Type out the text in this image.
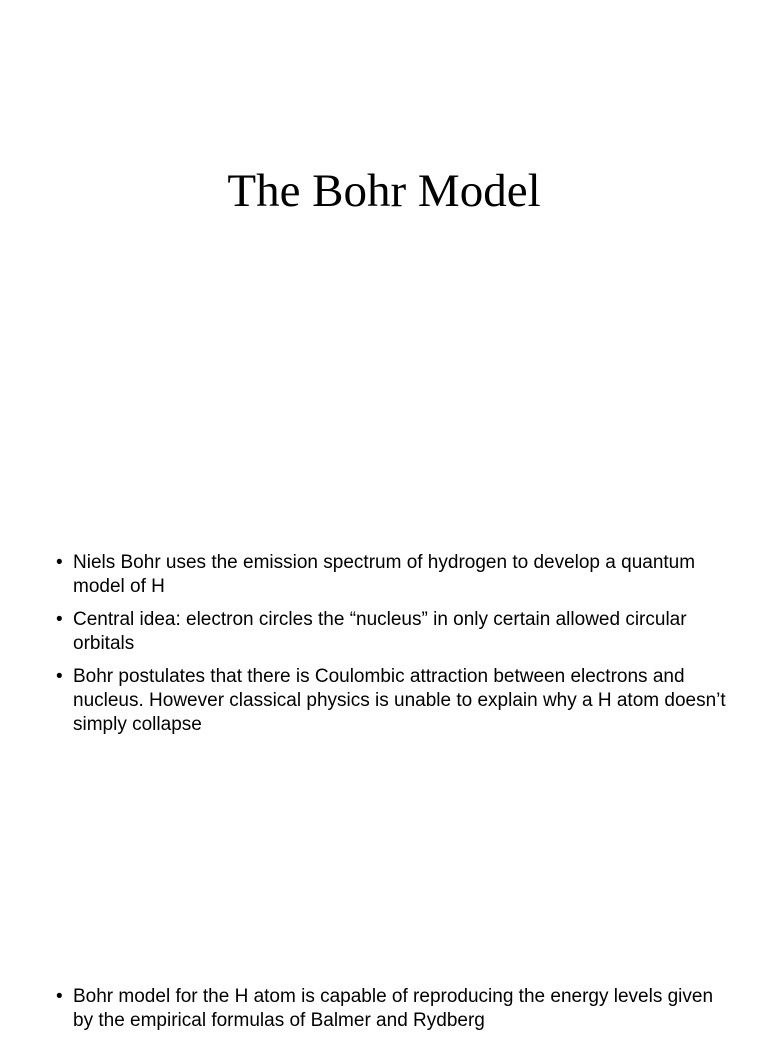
The Bohr Model
• Niels Bohr uses the emission spectrum of hydrogen to develop a quantum model of H
• Central idea: electron circles the “nucleus” in only certain allowed circular orbitals
• Bohr postulates that there is Coulombic attraction between electrons and nucleus. However classical physics is unable to explain why a H atom doesn’t simply collapse
• Bohr model for the H atom is capable of reproducing the energy levels given by the empirical formulas of Balmer and Rydberg
